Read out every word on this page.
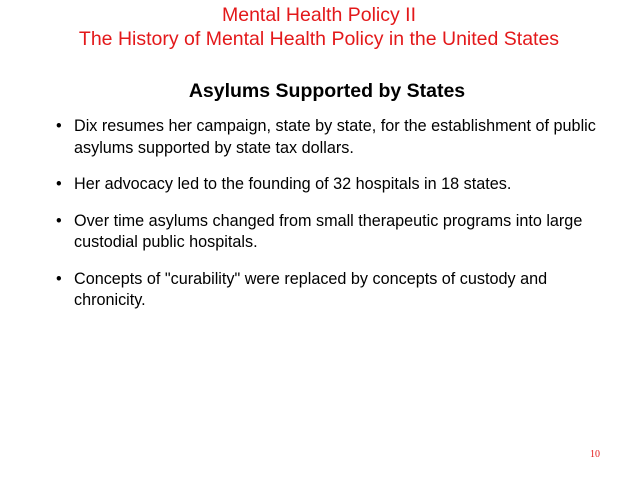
Mental Health Policy II
The History of Mental Health Policy in the United States
Asylums Supported by States
• Dix resumes her campaign, state by state, for the establishment of public asylums supported by state tax dollars.
• Her advocacy led to the founding of 32 hospitals in 18 states.
• Over time asylums changed from small therapeutic programs into large custodial public hospitals.
• Concepts of "curability" were replaced by concepts of custody and chronicity.
10
